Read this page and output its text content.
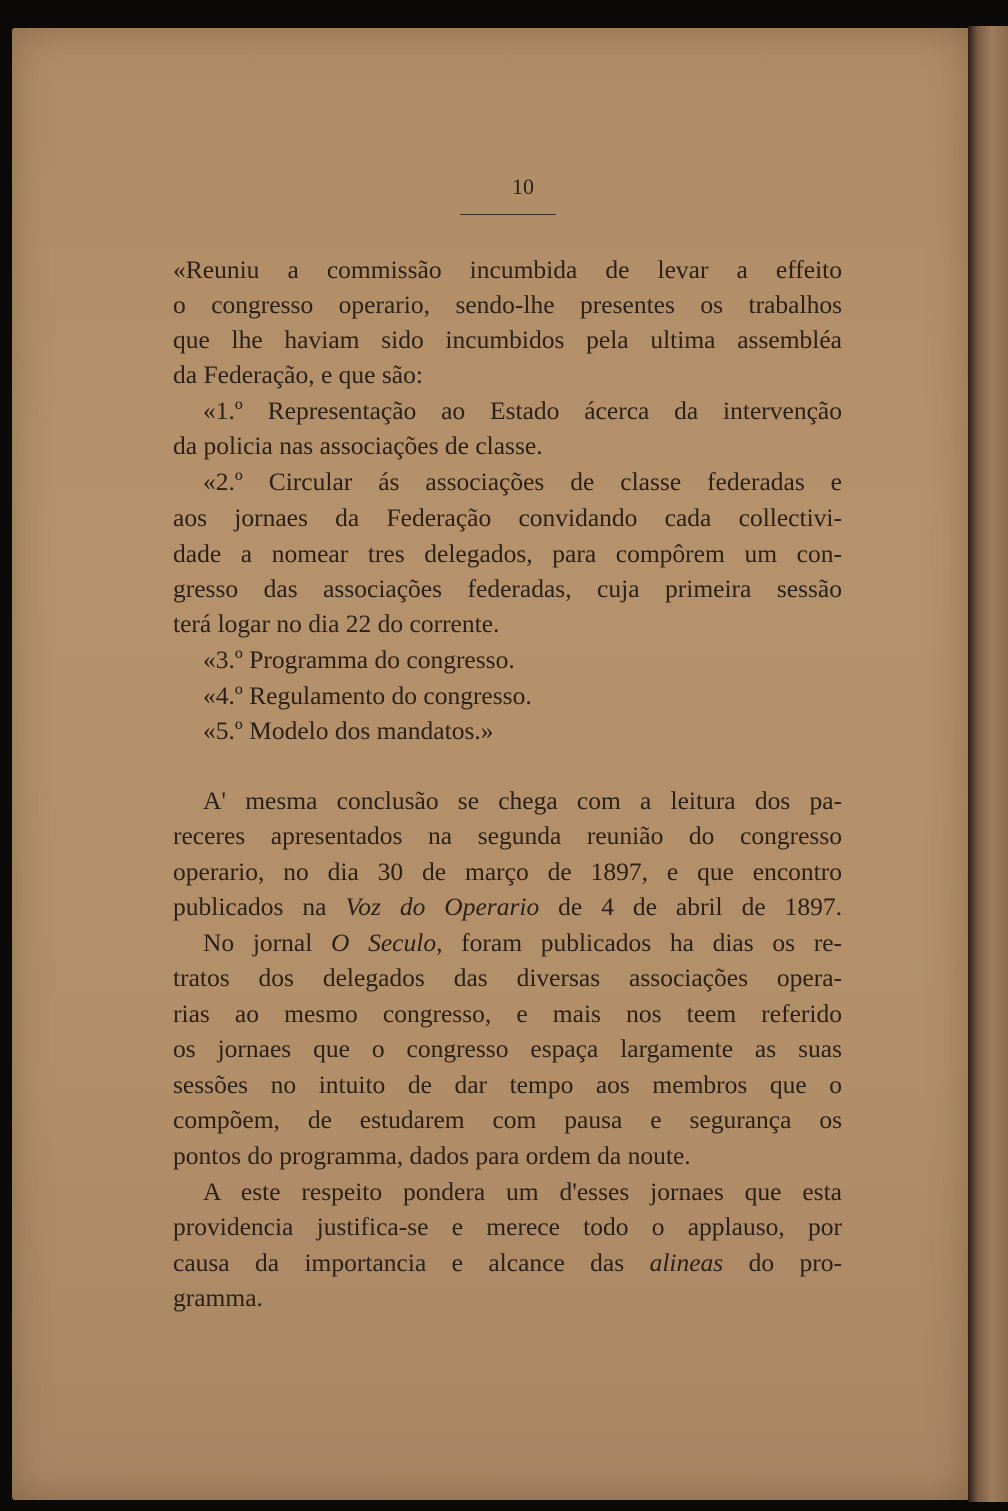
10
«Reuniu a commissão incumbida de levar a effeito
o congresso operario, sendo-lhe presentes os trabalhos
que lhe haviam sido incumbidos pela ultima assembléa
da Federação, e que são:
«1.º Representação ao Estado ácerca da intervenção
da policia nas associações de classe.
«2.º Circular ás associações de classe federadas e
aos jornaes da Federação convidando cada collectivi-
dade a nomear tres delegados, para compôrem um con-
gresso das associações federadas, cuja primeira sessão
terá logar no dia 22 do corrente.
«3.º Programma do congresso.
«4.º Regulamento do congresso.
«5.º Modelo dos mandatos.»
A' mesma conclusão se chega com a leitura dos pa-
receres apresentados na segunda reunião do congresso
operario, no dia 30 de março de 1897, e que encontro
publicados na Voz do Operario de 4 de abril de 1897.
No jornal O Seculo, foram publicados ha dias os re-
tratos dos delegados das diversas associações opera-
rias ao mesmo congresso, e mais nos teem referido
os jornaes que o congresso espaça largamente as suas
sessões no intuito de dar tempo aos membros que o
compõem, de estudarem com pausa e segurança os
pontos do programma, dados para ordem da noute.
A este respeito pondera um d'esses jornaes que esta
providencia justifica-se e merece todo o applauso, por
causa da importancia e alcance das alineas do pro-
gramma.
